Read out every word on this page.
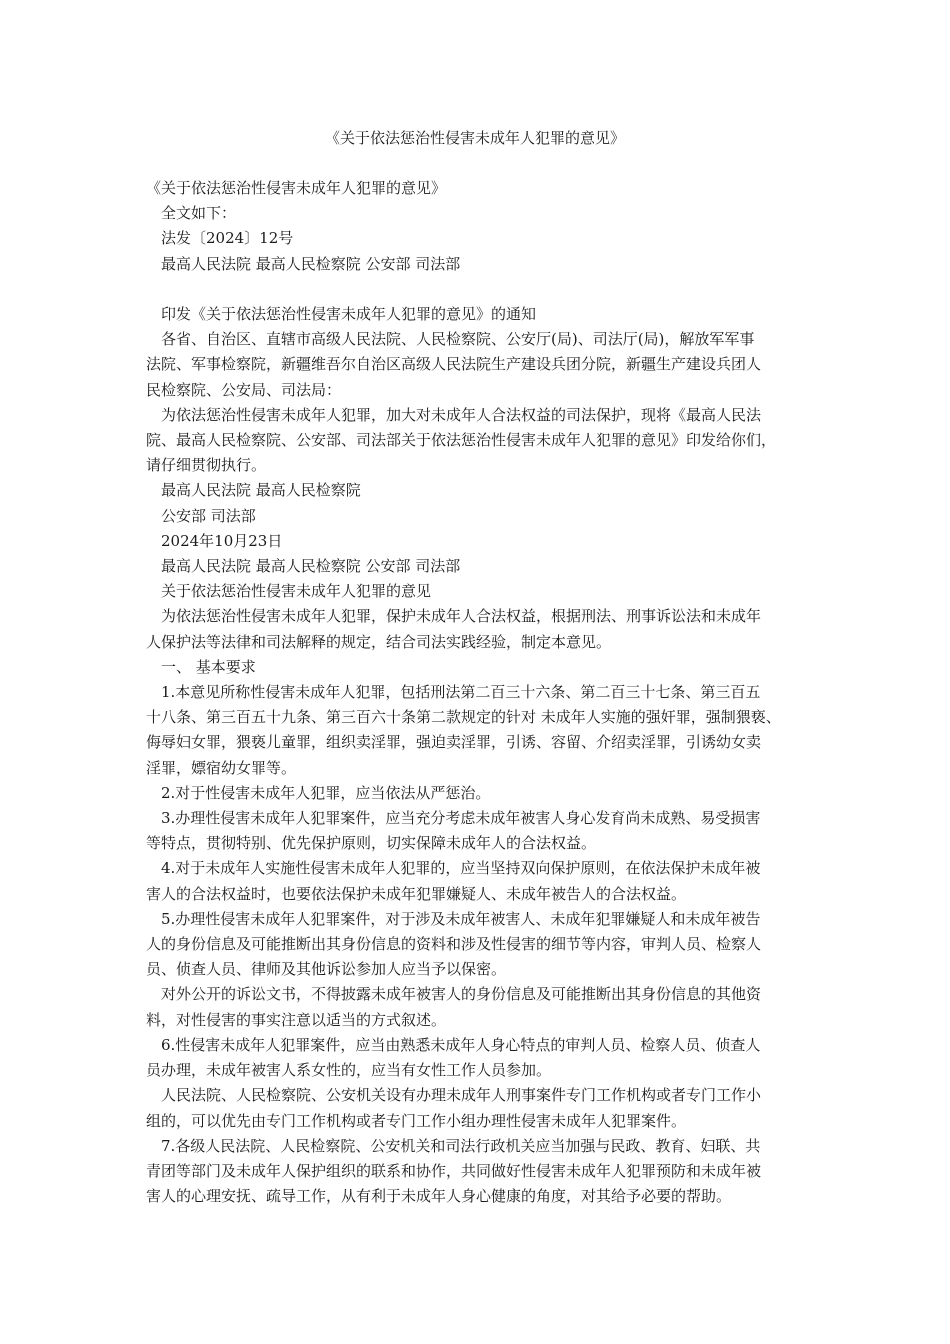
《关于依法惩治性侵害未成年人犯罪的意见》

《关于依法惩治性侵害未成年人犯罪的意见》

全文如下：

法发〔2024〕12号

最高人民法院 最高人民检察院 公安部 司法部

印发《关于依法惩治性侵害未成年人犯罪的意见》的通知

各省、自治区、直辖市高级人民法院、人民检察院、公安厅(局)、司法厅(局)，解放军军事

法院、军事检察院，新疆维吾尔自治区高级人民法院生产建设兵团分院，新疆生产建设兵团人

民检察院、公安局、司法局：

为依法惩治性侵害未成年人犯罪，加大对未成年人合法权益的司法保护，现将《最高人民法

院、最高人民检察院、公安部、司法部关于依法惩治性侵害未成年人犯罪的意见》印发给你们，

请仔细贯彻执行。

最高人民法院 最高人民检察院

公安部 司法部

2024年10月23日

最高人民法院 最高人民检察院 公安部 司法部

关于依法惩治性侵害未成年人犯罪的意见

为依法惩治性侵害未成年人犯罪，保护未成年人合法权益，根据刑法、刑事诉讼法和未成年

人保护法等法律和司法解释的规定，结合司法实践经验，制定本意见。

一、 基本要求

1.本意见所称性侵害未成年人犯罪，包括刑法第二百三十六条、第二百三十七条、第三百五

十八条、第三百五十九条、第三百六十条第二款规定的针对 未成年人实施的强奸罪，强制猥亵、

侮辱妇女罪，猥亵儿童罪，组织卖淫罪，强迫卖淫罪，引诱、容留、介绍卖淫罪，引诱幼女卖

淫罪，嫖宿幼女罪等。

2.对于性侵害未成年人犯罪，应当依法从严惩治。

3.办理性侵害未成年人犯罪案件，应当充分考虑未成年被害人身心发育尚未成熟、易受损害

等特点，贯彻特别、优先保护原则，切实保障未成年人的合法权益。

4.对于未成年人实施性侵害未成年人犯罪的，应当坚持双向保护原则，在依法保护未成年被

害人的合法权益时，也要依法保护未成年犯罪嫌疑人、未成年被告人的合法权益。

5.办理性侵害未成年人犯罪案件，对于涉及未成年被害人、未成年犯罪嫌疑人和未成年被告

人的身份信息及可能推断出其身份信息的资料和涉及性侵害的细节等内容，审判人员、检察人

员、侦查人员、律师及其他诉讼参加人应当予以保密。

对外公开的诉讼文书，不得披露未成年被害人的身份信息及可能推断出其身份信息的其他资

料，对性侵害的事实注意以适当的方式叙述。

6.性侵害未成年人犯罪案件，应当由熟悉未成年人身心特点的审判人员、检察人员、侦查人

员办理，未成年被害人系女性的，应当有女性工作人员参加。

人民法院、人民检察院、公安机关设有办理未成年人刑事案件专门工作机构或者专门工作小

组的，可以优先由专门工作机构或者专门工作小组办理性侵害未成年人犯罪案件。

7.各级人民法院、人民检察院、公安机关和司法行政机关应当加强与民政、教育、妇联、共

青团等部门及未成年人保护组织的联系和协作，共同做好性侵害未成年人犯罪预防和未成年被

害人的心理安抚、疏导工作，从有利于未成年人身心健康的角度，对其给予必要的帮助。
